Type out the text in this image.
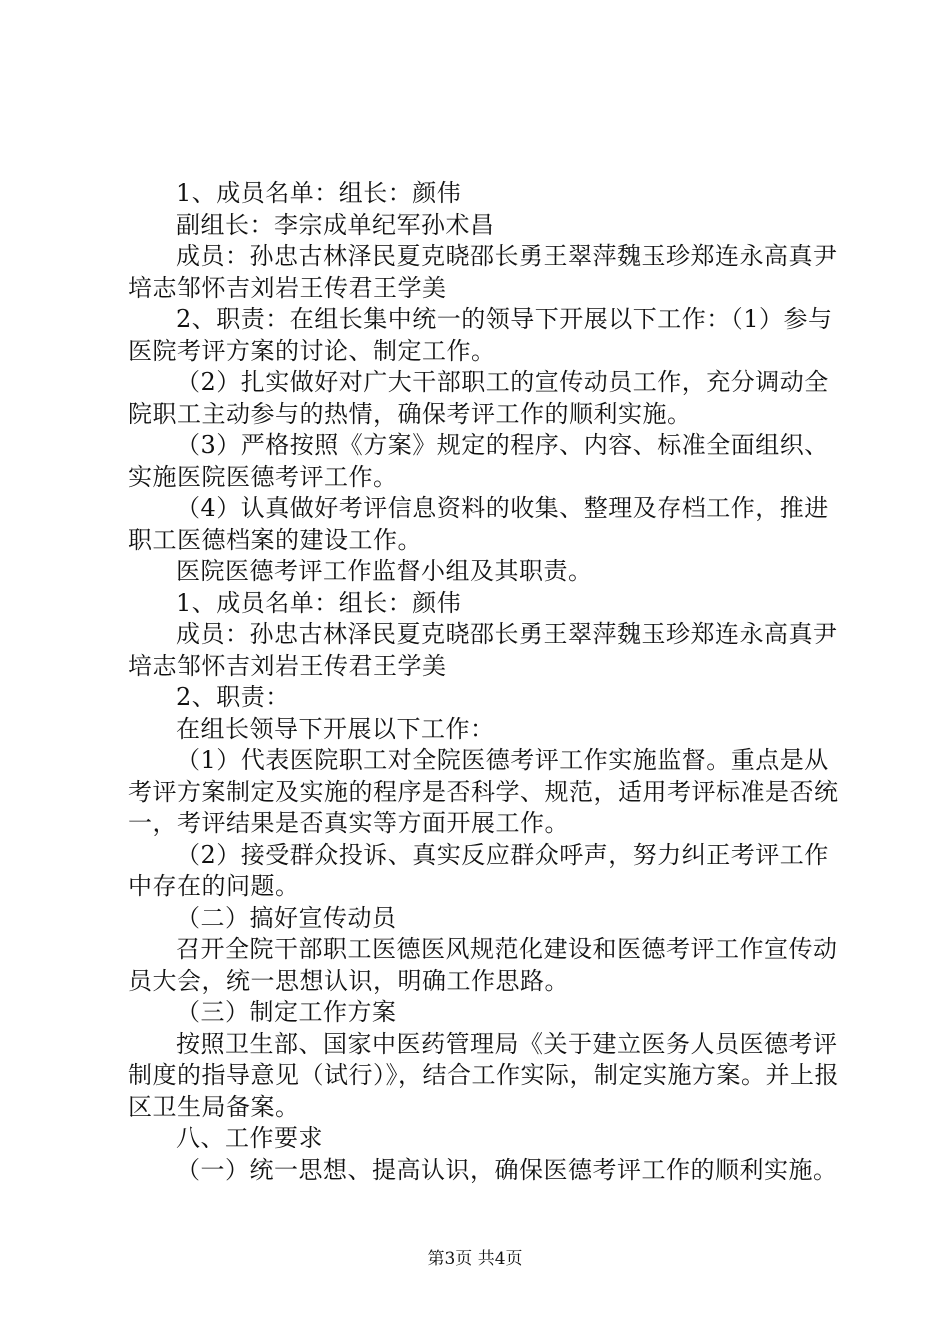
1、成员名单：组长：颜伟

副组长：李宗成单纪军孙术昌

成员：孙忠古林泽民夏克晓邵长勇王翠萍魏玉珍郑连永高真尹培志邹怀吉刘岩王传君王学美

2、职责：在组长集中统一的领导下开展以下工作：（1）参与医院考评方案的讨论、制定工作。

（2）扎实做好对广大干部职工的宣传动员工作，充分调动全院职工主动参与的热情，确保考评工作的顺利实施。

（3）严格按照《方案》规定的程序、内容、标准全面组织、实施医院医德考评工作。

（4）认真做好考评信息资料的收集、整理及存档工作，推进职工医德档案的建设工作。

医院医德考评工作监督小组及其职责。

1、成员名单：组长：颜伟

成员：孙忠古林泽民夏克晓邵长勇王翠萍魏玉珍郑连永高真尹培志邹怀吉刘岩王传君王学美

2、职责：

在组长领导下开展以下工作：

（1）代表医院职工对全院医德考评工作实施监督。重点是从考评方案制定及实施的程序是否科学、规范，适用考评标准是否统一，考评结果是否真实等方面开展工作。

（2）接受群众投诉、真实反应群众呼声，努力纠正考评工作中存在的问题。

（二）搞好宣传动员

召开全院干部职工医德医风规范化建设和医德考评工作宣传动员大会，统一思想认识，明确工作思路。

（三）制定工作方案

按照卫生部、国家中医药管理局《关于建立医务人员医德考评制度的指导意见（试行）》，结合工作实际，制定实施方案。并上报区卫生局备案。

八、工作要求

（一）统一思想、提高认识，确保医德考评工作的顺利实施。

第3页 共4页
